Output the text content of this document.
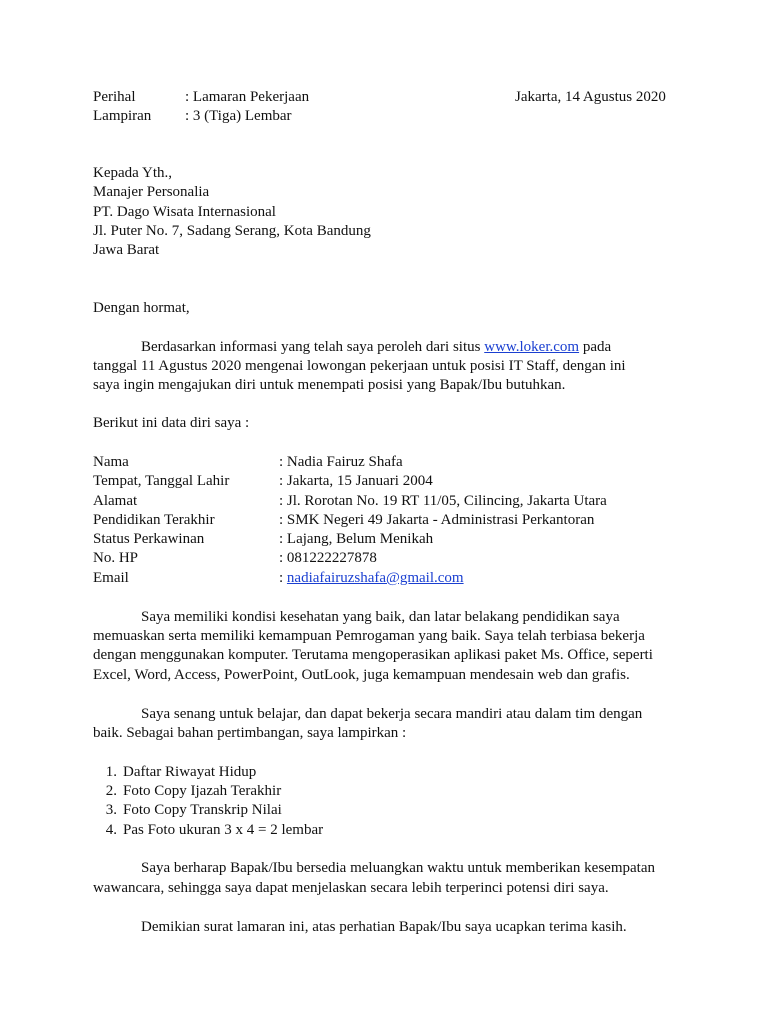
Perihal	: Lamaran Pekerjaan	Jakarta, 14 Agustus 2020
Lampiran : 3 (Tiga) Lembar
Kepada Yth.,
Manajer Personalia
PT. Dago Wisata Internasional
Jl. Puter No. 7, Sadang Serang, Kota Bandung
Jawa Barat
Dengan hormat,
Berdasarkan informasi yang telah saya peroleh dari situs www.loker.com pada
tanggal 11 Agustus 2020 mengenai lowongan pekerjaan untuk posisi IT Staff, dengan ini
saya ingin mengajukan diri untuk menempati posisi yang Bapak/Ibu butuhkan.
Berikut ini data diri saya :
Nama	: Nadia Fairuz Shafa
Tempat, Tanggal Lahir	: Jakarta, 15 Januari 2004
Alamat	: Jl. Rorotan No. 19 RT 11/05, Cilincing, Jakarta Utara
Pendidikan Terakhir	: SMK Negeri 49 Jakarta - Administrasi Perkantoran
Status Perkawinan	: Lajang, Belum Menikah
No. HP	: 081222227878
Email	: nadiafairuzshafa@gmail.com
Saya memiliki kondisi kesehatan yang baik, dan latar belakang pendidikan saya
memuaskan serta memiliki kemampuan Pemrogaman yang baik. Saya telah terbiasa bekerja
dengan menggunakan komputer. Terutama mengoperasikan aplikasi paket Ms. Office, seperti
Excel, Word, Access, PowerPoint, OutLook, juga kemampuan mendesain web dan grafis.
Saya senang untuk belajar, dan dapat bekerja secara mandiri atau dalam tim dengan
baik. Sebagai bahan pertimbangan, saya lampirkan :
1. Daftar Riwayat Hidup
2. Foto Copy Ijazah Terakhir
3. Foto Copy Transkrip Nilai
4. Pas Foto ukuran 3 x 4 = 2 lembar
Saya berharap Bapak/Ibu bersedia meluangkan waktu untuk memberikan kesempatan
wawancara, sehingga saya dapat menjelaskan secara lebih terperinci potensi diri saya.
Demikian surat lamaran ini, atas perhatian Bapak/Ibu saya ucapkan terima kasih.
